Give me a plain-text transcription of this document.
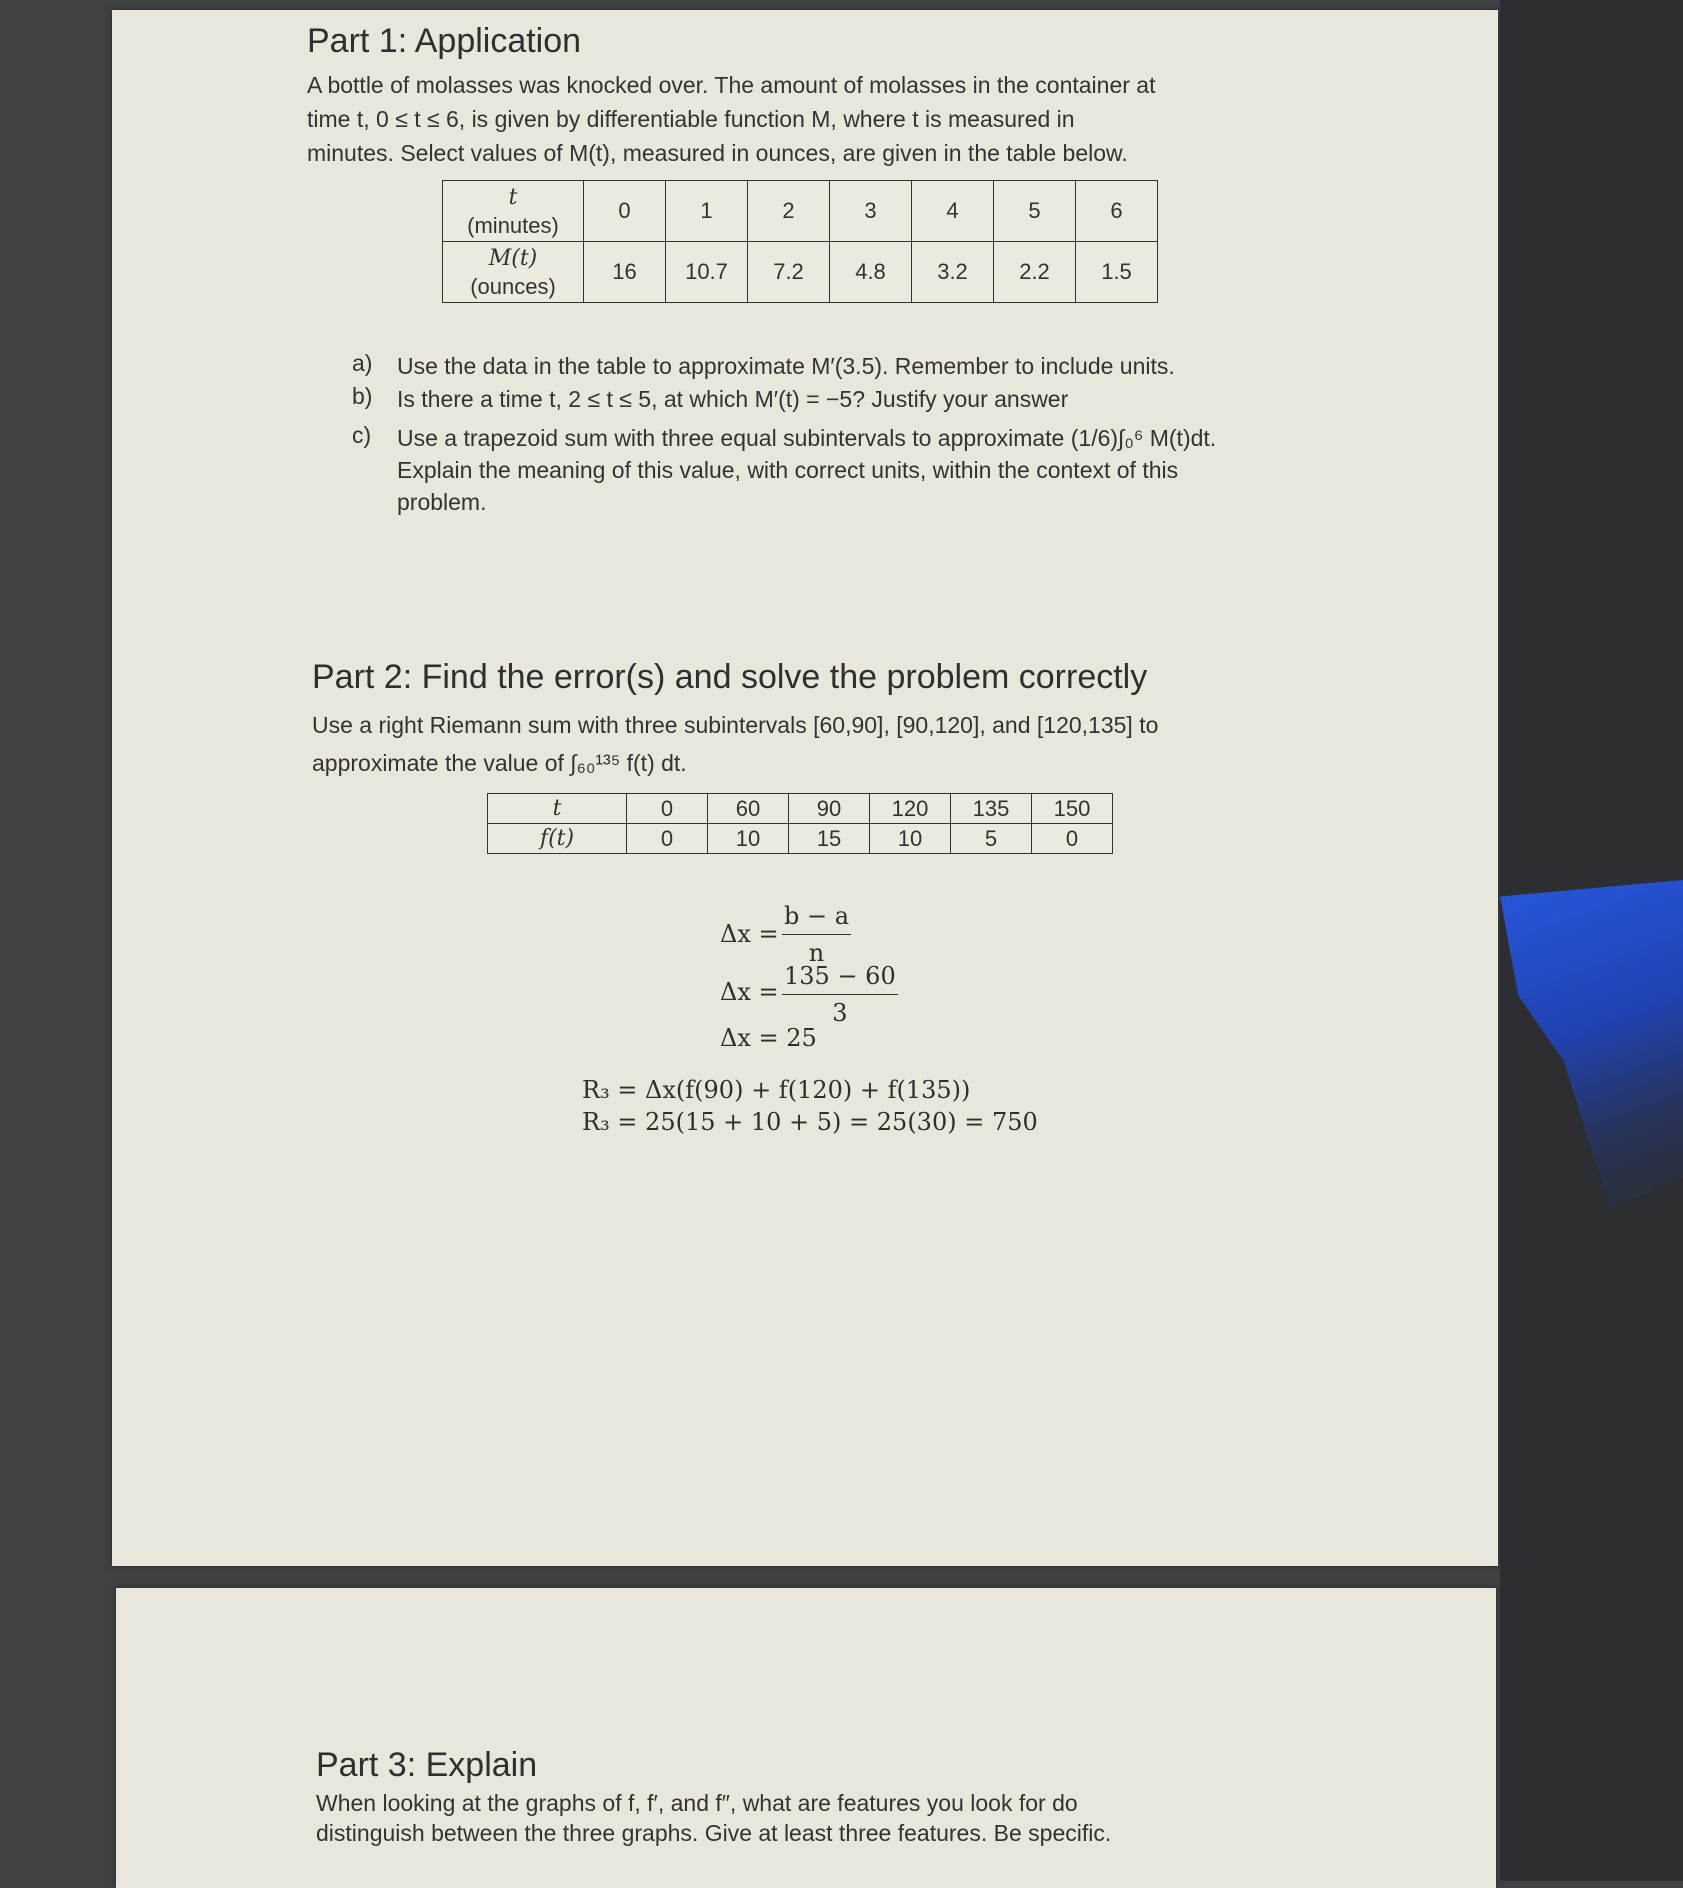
Part 1: Application
A bottle of molasses was knocked over. The amount of molasses in the container at
time t, 0 ≤ t ≤ 6, is given by differentiable function M, where t is measured in
minutes. Select values of M(t), measured in ounces, are given in the table below.
t
(minutes)	0	1	2	3	4	5	6
M(t)
(ounces)	16	10.7	7.2	4.8	3.2	2.2	1.5
a)	Use the data in the table to approximate M′(3.5). Remember to include units.
b)	Is there a time t, 2 ≤ t ≤ 5, at which M′(t) = −5? Justify your answer
c)	Use a trapezoid sum with three equal subintervals to approximate (1/6)∫₀⁶ M(t)dt.
Explain the meaning of this value, with correct units, within the context of this
problem.
Part 2: Find the error(s) and solve the problem correctly
Use a right Riemann sum with three subintervals [60,90], [90,120], and [120,135] to
approximate the value of ∫₆₀¹³⁵ f(t) dt.
t	0	60	90	120	135	150
f(t)	0	10	15	10	5	0
$\Delta x = \frac{b - a}{n}$
$\Delta x = \frac{135 - 60}{3}$
Δx = 25
R₃ = Δx(f(90) + f(120) + f(135))
R₃ = 25(15 + 10 + 5) = 25(30) = 750
Part 3: Explain
When looking at the graphs of f, f′, and f″, what are features you look for do
distinguish between the three graphs. Give at least three features. Be specific.
